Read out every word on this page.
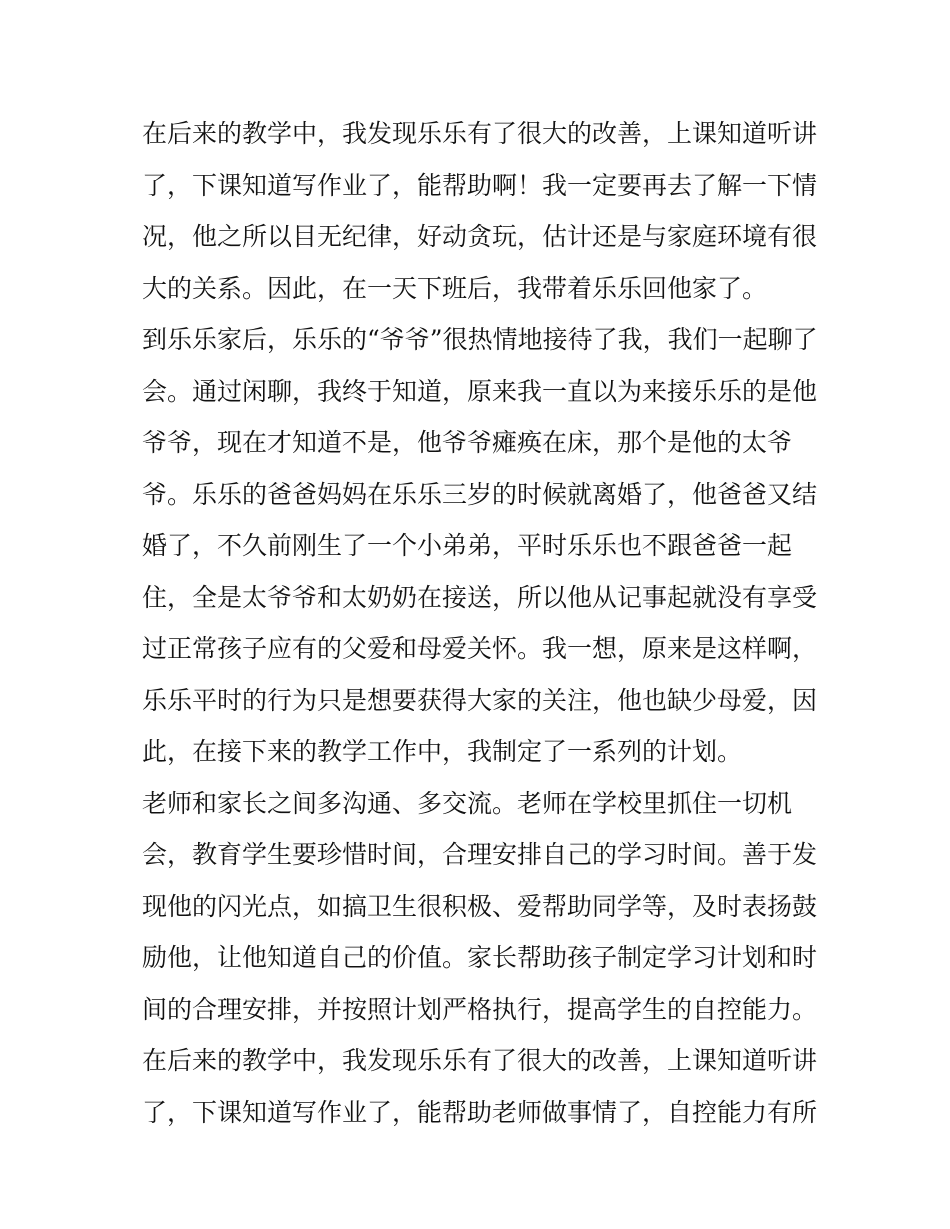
在后来的教学中，我发现乐乐有了很大的改善，上课知道听讲
了，下课知道写作业了，能帮助啊！我一定要再去了解一下情
况，他之所以目无纪律，好动贪玩，估计还是与家庭环境有很
大的关系。因此，在一天下班后，我带着乐乐回他家了。
到乐乐家后，乐乐的“爷爷”很热情地接待了我，我们一起聊了
会。通过闲聊，我终于知道，原来我一直以为来接乐乐的是他
爷爷，现在才知道不是，他爷爷瘫痪在床，那个是他的太爷
爷。乐乐的爸爸妈妈在乐乐三岁的时候就离婚了，他爸爸又结
婚了，不久前刚生了一个小弟弟，平时乐乐也不跟爸爸一起
住，全是太爷爷和太奶奶在接送，所以他从记事起就没有享受
过正常孩子应有的父爱和母爱关怀。我一想，原来是这样啊，
乐乐平时的行为只是想要获得大家的关注，他也缺少母爱，因
此，在接下来的教学工作中，我制定了一系列的计划。
老师和家长之间多沟通、多交流。老师在学校里抓住一切机
会，教育学生要珍惜时间，合理安排自己的学习时间。善于发
现他的闪光点，如搞卫生很积极、爱帮助同学等，及时表扬鼓
励他，让他知道自己的价值。家长帮助孩子制定学习计划和时
间的合理安排，并按照计划严格执行，提高学生的自控能力。
在后来的教学中，我发现乐乐有了很大的改善，上课知道听讲
了，下课知道写作业了，能帮助老师做事情了，自控能力有所
